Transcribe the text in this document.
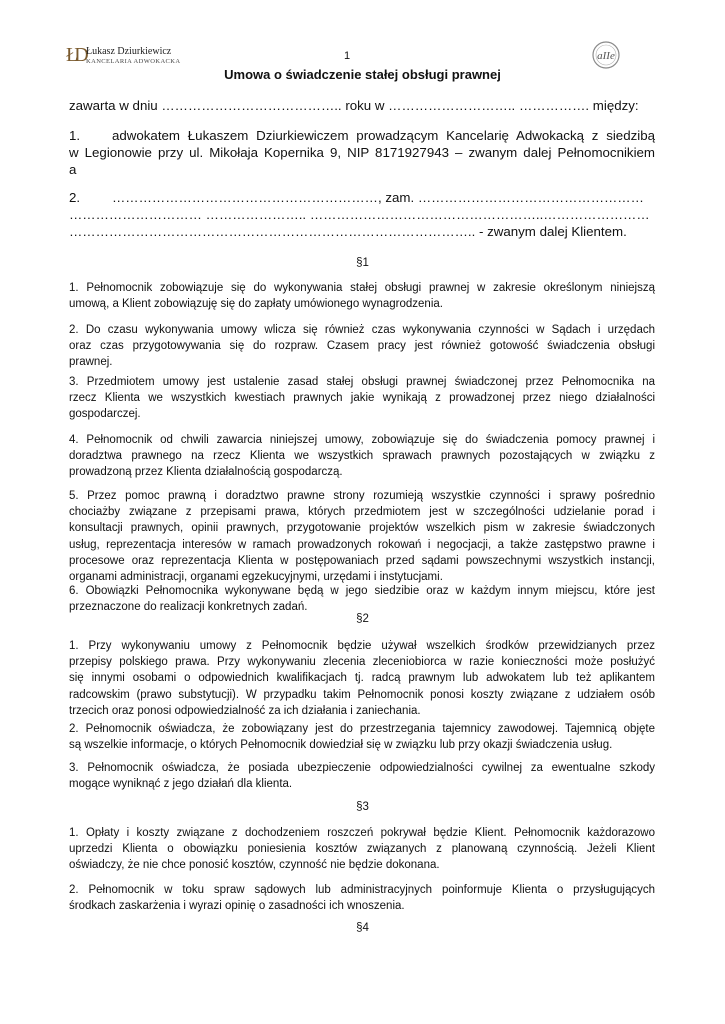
ŁD Łukasz Dziurkiewicz
KANCELARIA ADWOKACKA	aIIe
1
Umowa o świadczenie stałej obsługi prawnej
zawarta w dniu ………………………………….. roku w ……………………….. ……………. między:
1. adwokatem Łukaszem Dziurkiewiczem prowadzącym Kancelarię Adwokacką z siedzibą
w Legionowie przy ul. Mikołaja Kopernika 9, NIP 8171927943 – zwanym dalej Pełnomocnikiem
a
2. ……………………………………………………, zam. ……………………………………………
………………………… ………………….. ……………………………………………..……………………
……………………………………………………………………………….. - zwanym dalej Klientem.
§1
1. Pełnomocnik zobowiązuje się do wykonywania stałej obsługi prawnej w zakresie określonym niniejszą
umową, a Klient zobowiązuję się do zapłaty umówionego wynagrodzenia.
2. Do czasu wykonywania umowy wlicza się również czas wykonywania czynności w Sądach i urzędach
oraz czas przygotowywania się do rozpraw. Czasem pracy jest również gotowość świadczenia obsługi
prawnej.
3. Przedmiotem umowy jest ustalenie zasad stałej obsługi prawnej świadczonej przez Pełnomocnika na
rzecz Klienta we wszystkich kwestiach prawnych jakie wynikają z prowadzonej przez niego działalności
gospodarczej.
4. Pełnomocnik od chwili zawarcia niniejszej umowy, zobowiązuje się do świadczenia pomocy prawnej i
doradztwa prawnego na rzecz Klienta we wszystkich sprawach prawnych pozostających w związku z
prowadzoną przez Klienta działalnością gospodarczą.
5. Przez pomoc prawną i doradztwo prawne strony rozumieją wszystkie czynności i sprawy pośrednio
chociażby związane z przepisami prawa, których przedmiotem jest w szczególności udzielanie porad i
konsultacji prawnych, opinii prawnych, przygotowanie projektów wszelkich pism w zakresie świadczonych
usług, reprezentacja interesów w ramach prowadzonych rokowań i negocjacji, a także zastępstwo prawne i
procesowe oraz reprezentacja Klienta w postępowaniach przed sądami powszechnymi wszystkich instancji,
organami administracji, organami egzekucyjnymi, urzędami i instytucjami.
6. Obowiązki Pełnomocnika wykonywane będą w jego siedzibie oraz w każdym innym miejscu, które jest
przeznaczone do realizacji konkretnych zadań.
§2
1. Przy wykonywaniu umowy z Pełnomocnik będzie używał wszelkich środków przewidzianych przez
przepisy polskiego prawa. Przy wykonywaniu zlecenia zleceniobiorca w razie konieczności może posłużyć
się innymi osobami o odpowiednich kwalifikacjach tj. radcą prawnym lub adwokatem lub też aplikantem
radcowskim (prawo substytucji). W przypadku takim Pełnomocnik ponosi koszty związane z udziałem osób
trzecich oraz ponosi odpowiedzialność za ich działania i zaniechania.
2. Pełnomocnik oświadcza, że zobowiązany jest do przestrzegania tajemnicy zawodowej. Tajemnicą objęte
są wszelkie informacje, o których Pełnomocnik dowiedział się w związku lub przy okazji świadczenia usług.
3. Pełnomocnik oświadcza, że posiada ubezpieczenie odpowiedzialności cywilnej za ewentualne szkody
mogące wyniknąć z jego działań dla klienta.
§3
1. Opłaty i koszty związane z dochodzeniem roszczeń pokrywał będzie Klient. Pełnomocnik każdorazowo
uprzedzi Klienta o obowiązku poniesienia kosztów związanych z planowaną czynnością. Jeżeli Klient
oświadczy, że nie chce ponosić kosztów, czynność nie będzie dokonana.
2. Pełnomocnik w toku spraw sądowych lub administracyjnych poinformuje Klienta o przysługujących
środkach zaskarżenia i wyrazi opinię o zasadności ich wnoszenia.
§4
